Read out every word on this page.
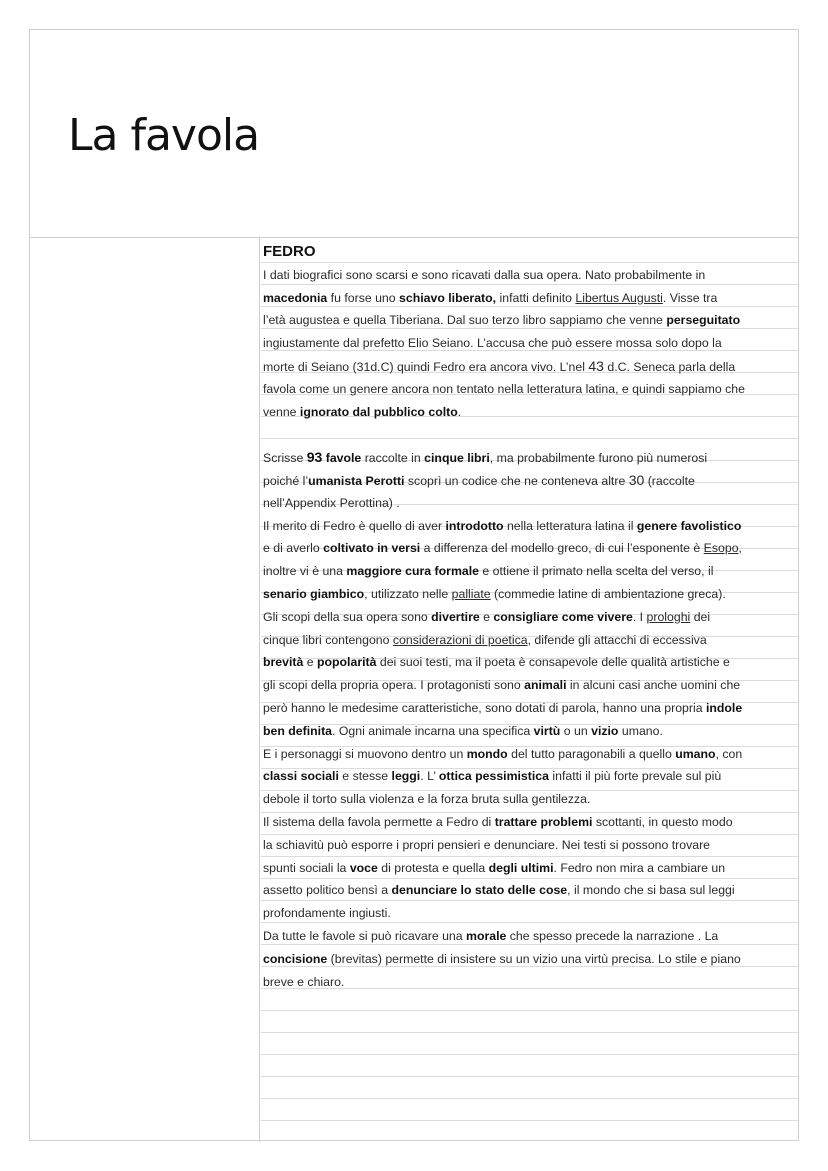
La favola
FEDRO
I dati biografici sono scarsi e sono ricavati dalla sua opera. Nato probabilmente in
macedonia fu forse uno schiavo liberato, infatti definito Libertus Augusti. Visse tra
l’età augustea e quella Tiberiana. Dal suo terzo libro sappiamo che venne perseguitato
ingiustamente dal prefetto Elio Seiano. L’accusa che può essere mossa solo dopo la
morte di Seiano (31d.C) quindi Fedro era ancora vivo. L’nel 43 d.C. Seneca parla della
favola come un genere ancora non tentato nella letteratura latina, e quindi sappiamo che
venne ignorato dal pubblico colto.
Scrisse 93 favole raccolte in cinque libri, ma probabilmente furono più numerosi
poiché l’umanista Perotti scoprì un codice che ne conteneva altre 30 (raccolte
nell’Appendix Perottina) .
Il merito di Fedro è quello di aver introdotto nella letteratura latina il genere favolistico
e di averlo coltivato in versi a differenza del modello greco, di cui l’esponente è Esopo,
inoltre vi è una maggiore cura formale e ottiene il primato nella scelta del verso, il
senario giambico, utilizzato nelle palliate (commedie latine di ambientazione greca).
Gli scopi della sua opera sono divertire e consigliare come vivere. I prologhi dei
cinque libri contengono considerazioni di poetica, difende gli attacchi di eccessiva
brevità e popolarità dei suoi testi, ma il poeta è consapevole delle qualità artistiche e
gli scopi della propria opera. I protagonisti sono animali in alcuni casi anche uomini che
però hanno le medesime caratteristiche, sono dotati di parola, hanno una propria indole
ben definita. Ogni animale incarna una specifica virtù o un vizio umano.
E i personaggi si muovono dentro un mondo del tutto paragonabili a quello umano, con
classi sociali e stesse leggi. L’ ottica pessimistica infatti il più forte prevale sul più
debole il torto sulla violenza e la forza bruta sulla gentilezza.
Il sistema della favola permette a Fedro di trattare problemi scottanti, in questo modo
la schiavitù può esporre i propri pensieri e denunciare. Nei testi si possono trovare
spunti sociali la voce di protesta e quella degli ultimi. Fedro non mira a cambiare un
assetto politico bensì a denunciare lo stato delle cose, il mondo che si basa sul leggi
profondamente ingiusti.
Da tutte le favole si può ricavare una morale che spesso precede la narrazione . La
concisione (brevitas) permette di insistere su un vizio una virtù precisa. Lo stile e piano
breve e chiaro.
